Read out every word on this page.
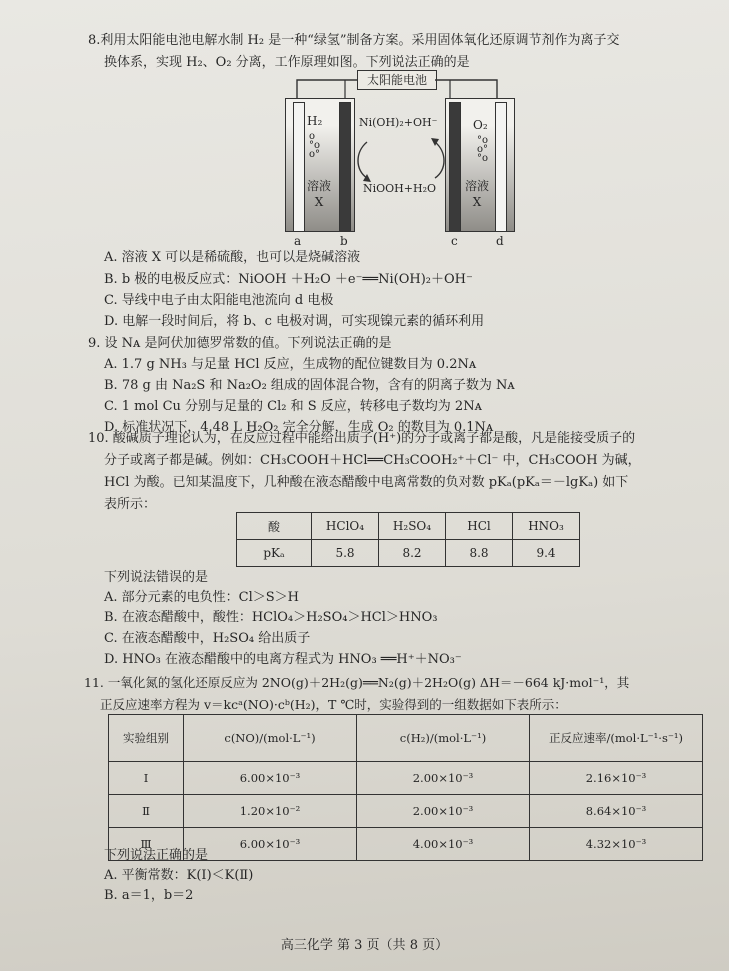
8.利用太阳能电池电解水制 H₂ 是一种“绿氢”制备方案。采用固体氧化还原调节剂作为离子交
换体系，实现 H₂、O₂ 分离，工作原理如图。下列说法正确的是
太阳能电池
H₂
o
°o
o°
溶液
X
Ni(OH)₂+OH⁻
NiOOH+H₂O
O₂
°o
o°
°o
溶液
X
a	b	c	d
A. 溶液 X 可以是稀硫酸，也可以是烧碱溶液
B. b 极的电极反应式：NiOOH ＋H₂O ＋e⁻══Ni(OH)₂＋OH⁻
C. 导线中电子由太阳能电池流向 d 电极
D. 电解一段时间后，将 b、c 电极对调，可实现镍元素的循环利用
9. 设 Nᴀ 是阿伏加德罗常数的值。下列说法正确的是
A. 1.7 g NH₃ 与足量 HCl 反应，生成物的配位键数目为 0.2Nᴀ
B. 78 g 由 Na₂S 和 Na₂O₂ 组成的固体混合物，含有的阴离子数为 Nᴀ
C. 1 mol Cu 分别与足量的 Cl₂ 和 S 反应，转移电子数均为 2Nᴀ
D. 标准状况下，4.48 L H₂O₂ 完全分解，生成 O₂ 的数目为 0.1Nᴀ
10. 酸碱质子理论认为，在反应过程中能给出质子(H⁺)的分子或离子都是酸，凡是能接受质子的
分子或离子都是碱。例如：CH₃COOH＋HCl══CH₃COOH₂⁺＋Cl⁻ 中，CH₃COOH 为碱，
HCl 为酸。已知某温度下，几种酸在液态醋酸中电离常数的负对数 pKₐ(pKₐ＝－lgKₐ) 如下
表所示：
酸	HClO₄	H₂SO₄	HCl	HNO₃
pKₐ	5.8	8.2	8.8	9.4
下列说法错误的是
A. 部分元素的电负性：Cl＞S＞H
B. 在液态醋酸中，酸性：HClO₄＞H₂SO₄＞HCl＞HNO₃
C. 在液态醋酸中，H₂SO₄ 给出质子
D. HNO₃ 在液态醋酸中的电离方程式为 HNO₃ ══H⁺＋NO₃⁻
11. 一氧化氮的氢化还原反应为 2NO(g)＋2H₂(g)══N₂(g)＋2H₂O(g) ΔH＝－664 kJ·mol⁻¹，其
正反应速率方程为 v＝kcᵃ(NO)·cᵇ(H₂)，T ℃时，实验得到的一组数据如下表所示：
实验组别	c(NO)/(mol·L⁻¹)	c(H₂)/(mol·L⁻¹)	正反应速率/(mol·L⁻¹·s⁻¹)
Ⅰ	6.00×10⁻³	2.00×10⁻³	2.16×10⁻³
Ⅱ	1.20×10⁻²	2.00×10⁻³	8.64×10⁻³
Ⅲ	6.00×10⁻³	4.00×10⁻³	4.32×10⁻³
下列说法正确的是
A. 平衡常数：K(Ⅰ)＜K(Ⅱ)
B. a＝1，b＝2
高三化学 第 3 页（共 8 页）
